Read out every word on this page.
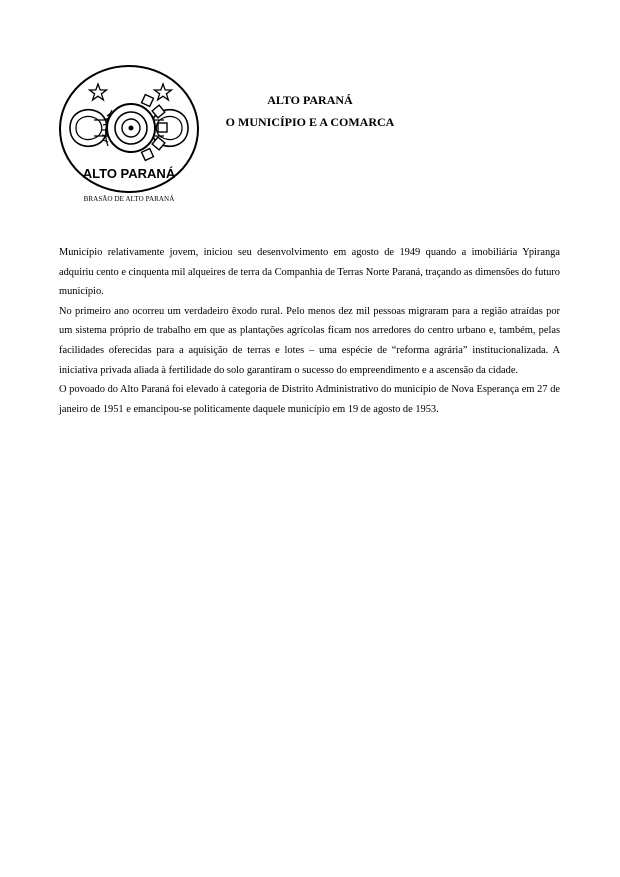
ALTO PARANÁ
BRASÃO DE ALTO PARANÁ
ALTO PARANÁ
O MUNICÍPIO E A COMARCA

Município relativamente jovem, iniciou seu desenvolvimento em agosto de 1949 quando a imobiliária Ypiranga adquiriu cento e cinquenta mil alqueires de terra da Companhia de Terras Norte Paraná, traçando as dimensões do futuro município.

No primeiro ano ocorreu um verdadeiro êxodo rural. Pelo menos dez mil pessoas migraram para a região atraídas por um sistema próprio de trabalho em que as plantações agrícolas ficam nos arredores do centro urbano e, também, pelas facilidades oferecidas para a aquisição de terras e lotes – uma espécie de “reforma agrária” institucionalizada. A iniciativa privada aliada à fertilidade do solo garantiram o sucesso do empreendimento e a ascensão da cidade.

O povoado do Alto Paraná foi elevado à categoria de Distrito Administrativo do município de Nova Esperança em 27 de janeiro de 1951 e emancipou-se politicamente daquele município em 19 de agosto de 1953.
